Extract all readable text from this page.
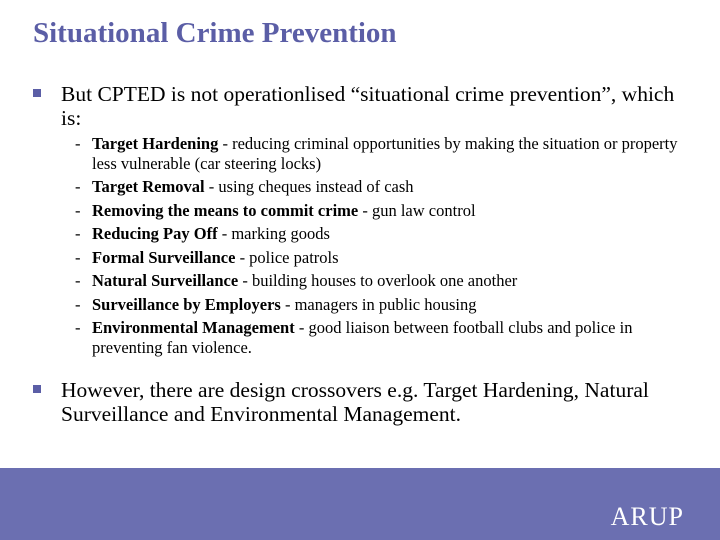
Situational Crime Prevention
But CPTED is not operationlised “situational crime prevention”, which is:
- Target Hardening - reducing criminal opportunities by making the situation or property less vulnerable (car steering locks)
- Target Removal - using cheques instead of cash
- Removing the means to commit crime - gun law control
- Reducing Pay Off - marking goods
- Formal Surveillance - police patrols
- Natural Surveillance - building houses to overlook one another
- Surveillance by Employers - managers in public housing
- Environmental Management - good liaison between football clubs and police in preventing fan violence.
However, there are design crossovers e.g. Target Hardening, Natural Surveillance and Environmental Management.
ARUP
